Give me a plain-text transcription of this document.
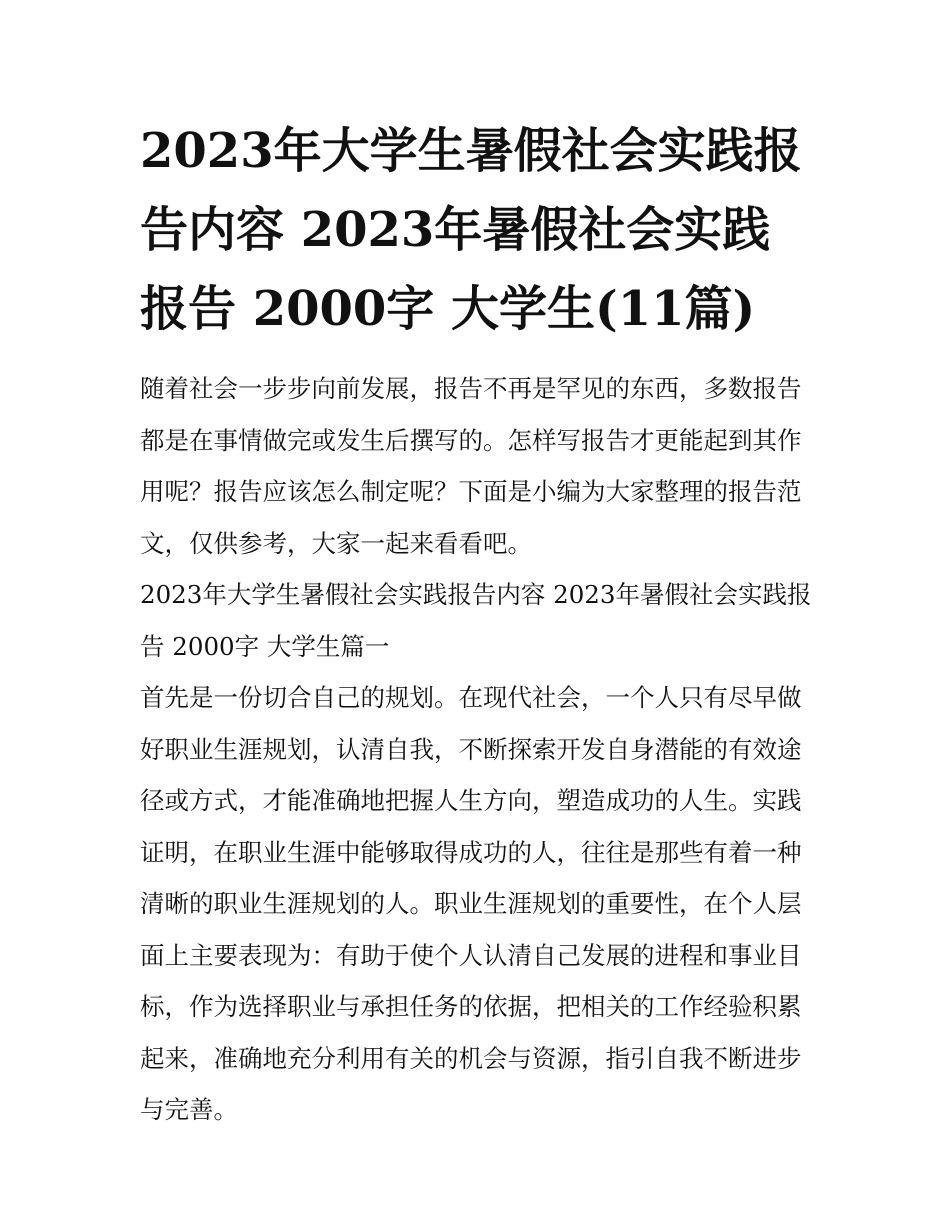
2023年大学生暑假社会实践报
告内容 2023年暑假社会实践
报告 2000字 大学生(11篇)

随着社会一步步向前发展，报告不再是罕见的东西，多数报告
都是在事情做完或发生后撰写的。怎样写报告才更能起到其作
用呢？报告应该怎么制定呢？下面是小编为大家整理的报告范
文，仅供参考，大家一起来看看吧。

2023年大学生暑假社会实践报告内容 2023年暑假社会实践报
告 2000字 大学生篇一

首先是一份切合自己的规划。在现代社会，一个人只有尽早做
好职业生涯规划，认清自我，不断探索开发自身潜能的有效途
径或方式，才能准确地把握人生方向，塑造成功的人生。实践
证明，在职业生涯中能够取得成功的人，往往是那些有着一种
清晰的职业生涯规划的人。职业生涯规划的重要性，在个人层
面上主要表现为：有助于使个人认清自己发展的进程和事业目
标，作为选择职业与承担任务的依据，把相关的工作经验积累
起来，准确地充分利用有关的机会与资源，指引自我不断进步
与完善。
